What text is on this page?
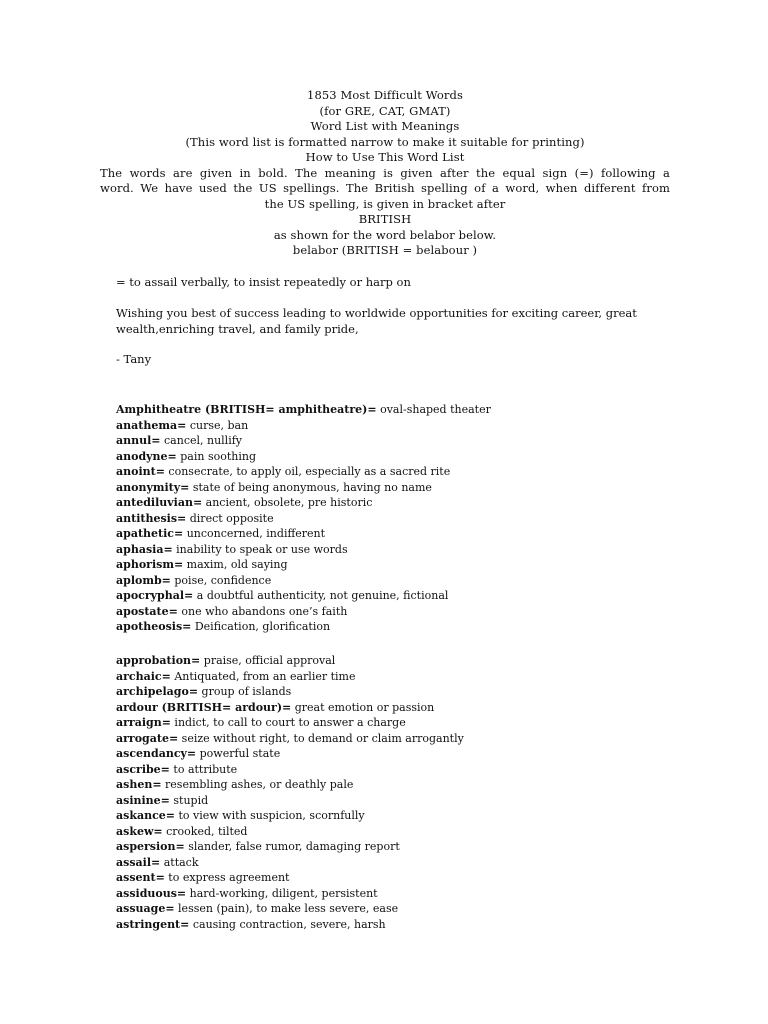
1853 Most Difficult Words
(for GRE, CAT, GMAT)
Word List with Meanings
(This word list is formatted narrow to make it suitable for printing)
How to Use This Word List
The words are given in bold. The meaning is given after the equal sign (=) following a
word. We have used the US spellings. The British spelling of a word, when different from
the US spelling, is given in bracket after
BRITISH
as shown for the word belabor below.
belabor (BRITISH = belabour )
= to assail verbally, to insist repeatedly or harp on
Wishing you best of success leading to worldwide opportunities for exciting career, great
wealth,enriching travel, and family pride,
- Tany
Amphitheatre (BRITISH= amphitheatre)= oval-shaped theater
anathema= curse, ban
annul= cancel, nullify
anodyne= pain soothing
anoint= consecrate, to apply oil, especially as a sacred rite
anonymity= state of being anonymous, having no name
antediluvian= ancient, obsolete, pre historic
antithesis= direct opposite
apathetic= unconcerned, indifferent
aphasia= inability to speak or use words
aphorism= maxim, old saying
aplomb= poise, confidence
apocryphal= a doubtful authenticity, not genuine, fictional
apostate= one who abandons one’s faith
apotheosis= Deification, glorification
approbation= praise, official approval
archaic= Antiquated, from an earlier time
archipelago= group of islands
ardour (BRITISH= ardour)= great emotion or passion
arraign= indict, to call to court to answer a charge
arrogate= seize without right, to demand or claim arrogantly
ascendancy= powerful state
ascribe= to attribute
ashen= resembling ashes, or deathly pale
asinine= stupid
askance= to view with suspicion, scornfully
askew= crooked, tilted
aspersion= slander, false rumor, damaging report
assail= attack
assent= to express agreement
assiduous= hard-working, diligent, persistent
assuage= lessen (pain), to make less severe, ease
astringent= causing contraction, severe, harsh
